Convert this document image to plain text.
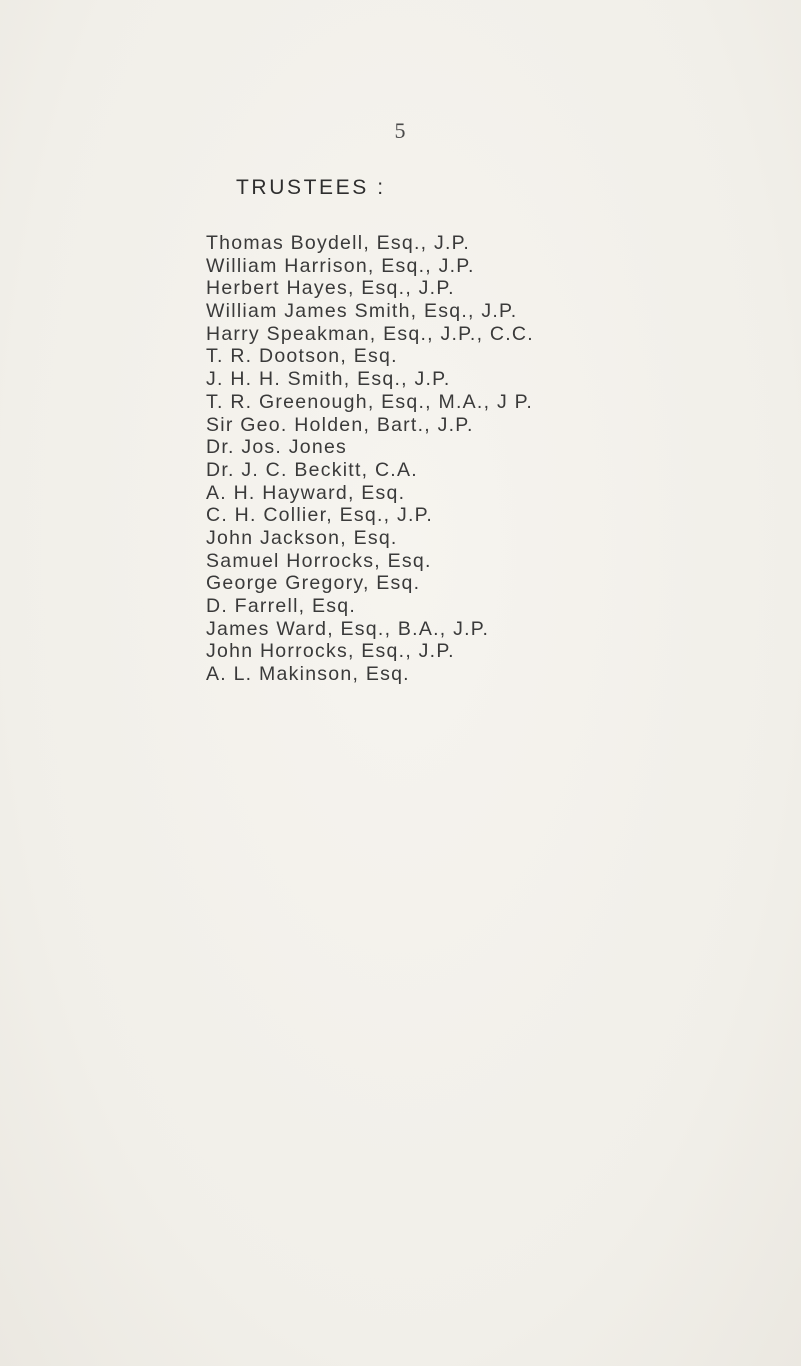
5
TRUSTEES :
Thomas Boydell, Esq., J.P.
William Harrison, Esq., J.P.
Herbert Hayes, Esq., J.P.
William James Smith, Esq., J.P.
Harry Speakman, Esq., J.P., C.C.
T. R. Dootson, Esq.
J. H. H. Smith, Esq., J.P.
T. R. Greenough, Esq., M.A., J P.
Sir Geo. Holden, Bart., J.P.
Dr. Jos. Jones
Dr. J. C. Beckitt, C.A.
A. H. Hayward, Esq.
C. H. Collier, Esq., J.P.
John Jackson, Esq.
Samuel Horrocks, Esq.
George Gregory, Esq.
D. Farrell, Esq.
James Ward, Esq., B.A., J.P.
John Horrocks, Esq., J.P.
A. L. Makinson, Esq.
